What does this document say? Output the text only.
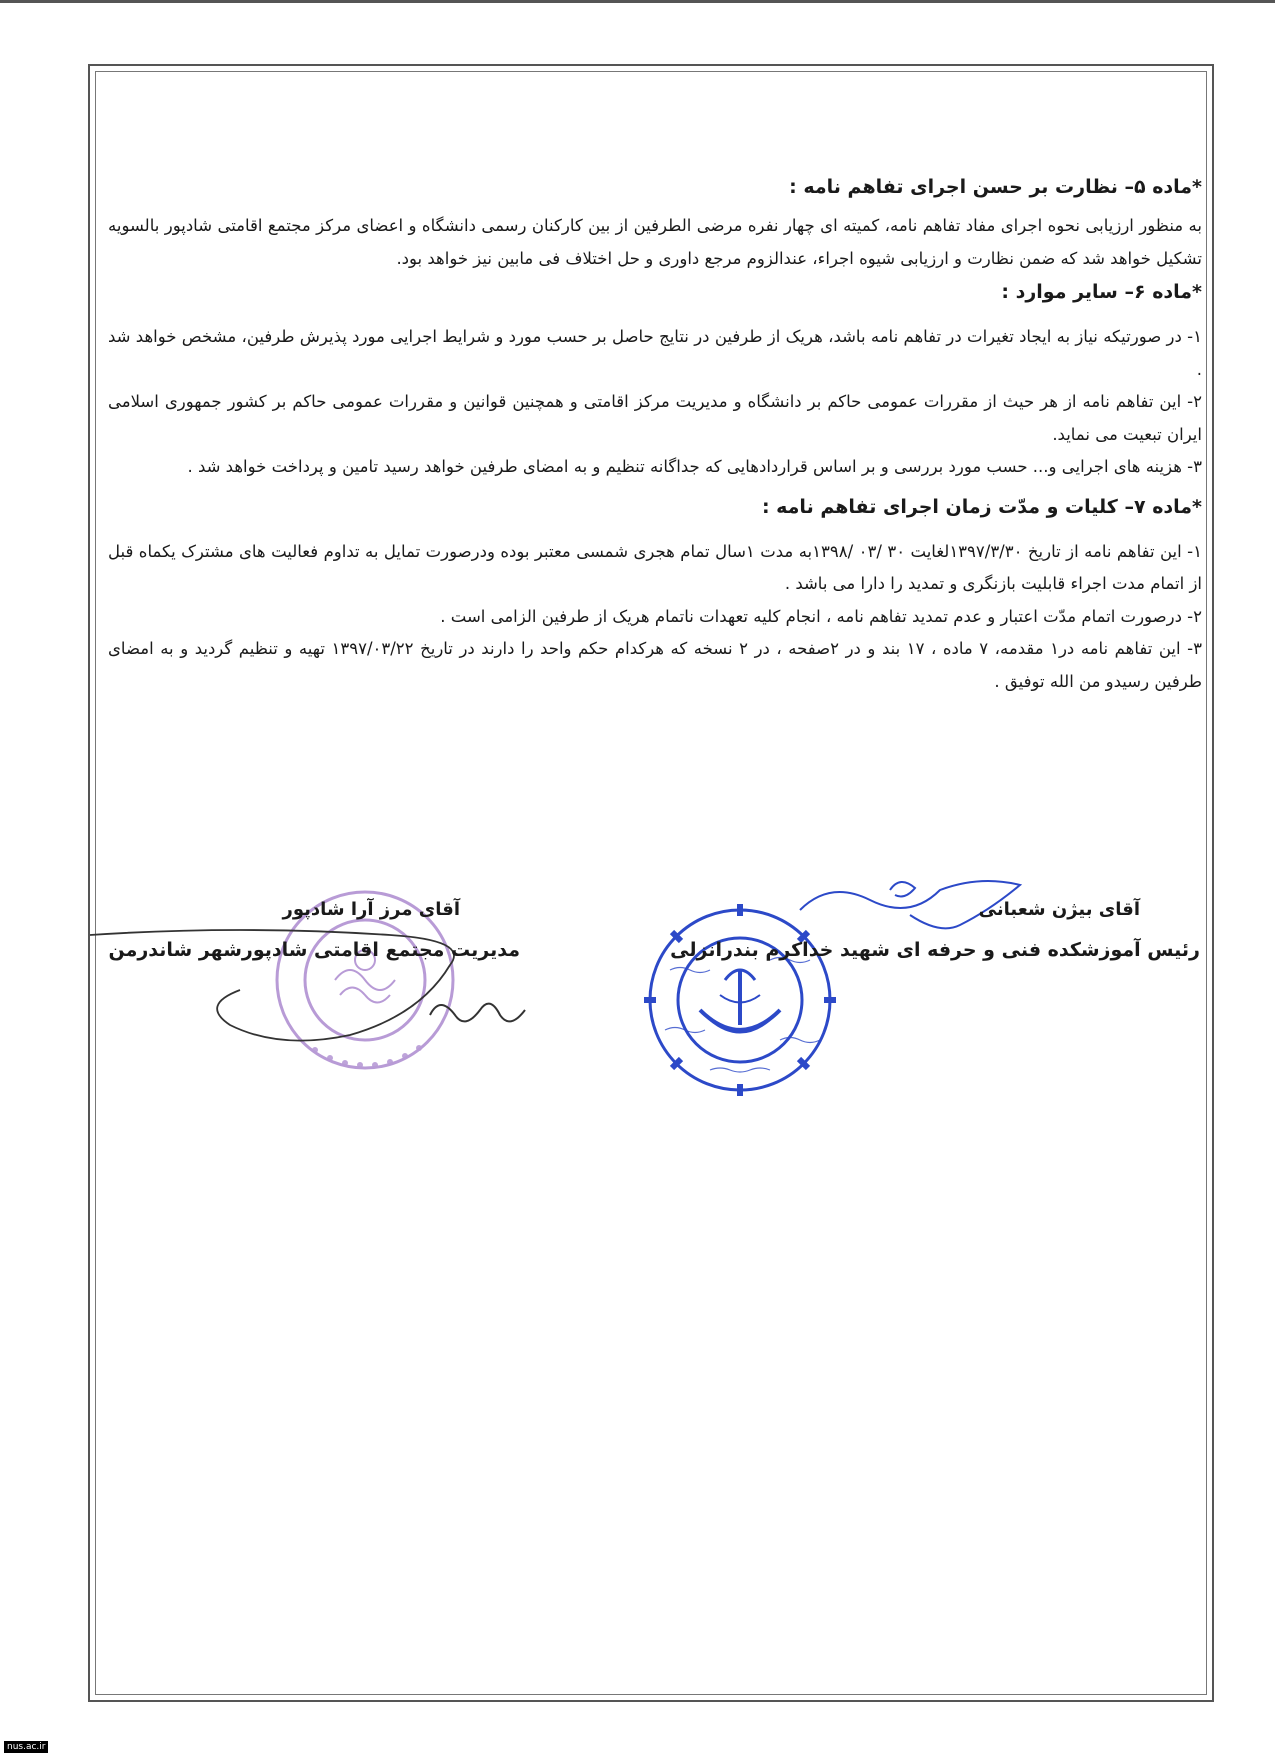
*ماده ۵– نظارت بر حسن اجرای تفاهم نامه :

به منظور ارزیابی نحوه اجرای مفاد تفاهم نامه، کمیته ای چهار نفره مرضی الطرفین از بین کارکنان رسمی دانشگاه و اعضای مرکز مجتمع اقامتی شادپور بالسویه تشکیل خواهد شد که ضمن نظارت و ارزیابی شیوه اجراء، عندالزوم مرجع داوری و حل اختلاف فی مابین نیز خواهد بود.

*ماده ۶– سایر موارد :

۱- در صورتیکه نیاز به ایجاد تغیرات در تفاهم نامه باشد، هریک از طرفین در نتایج حاصل بر حسب مورد و شرایط اجرایی مورد پذیرش طرفین، مشخص خواهد شد .

۲- این تفاهم نامه از هر حیث از مقررات عمومی حاکم بر دانشگاه و مدیریت مرکز اقامتی و همچنین قوانین و مقررات عمومی حاکم بر کشور جمهوری اسلامی ایران تبعیت می نماید.

۳- هزینه های اجرایی و... حسب مورد بررسی و بر اساس قراردادهایی که جداگانه تنظیم و به امضای طرفین خواهد رسید تامین و پرداخت خواهد شد .

*ماده ۷– کلیات و مدّت زمان اجرای تفاهم نامه :

۱- این تفاهم نامه از تاریخ ۱۳۹۷/۳/۳۰لغایت ۳۰ /۰۳ /۱۳۹۸به مدت ۱سال تمام هجری شمسی معتبر بوده ودرصورت تمایل به تداوم فعالیت های مشترک یکماه قبل از اتمام مدت اجراء قابلیت بازنگری و تمدید را دارا می باشد .

۲- درصورت اتمام مدّت اعتبار و عدم تمدید تفاهم نامه ، انجام کلیه تعهدات ناتمام هریک از طرفین الزامی است .

۳- این تفاهم نامه در۱ مقدمه، ۷ ماده ، ۱۷ بند و در ۲صفحه ، در ۲ نسخه که هرکدام حکم واحد را دارند در تاریخ ۱۳۹۷/۰۳/۲۲ تهیه و تنظیم گردید و به امضای طرفین رسیدو من الله توفیق .

آقای بیژن شعبانی

رئیس آموزشکده فنی و حرفه ای شهید خداکرم بندرانزلی

آقای مرز آرا شادپور

مدیریت مجتمع اقامتی شادپورشهر شاندرمن

nus.ac.ir
